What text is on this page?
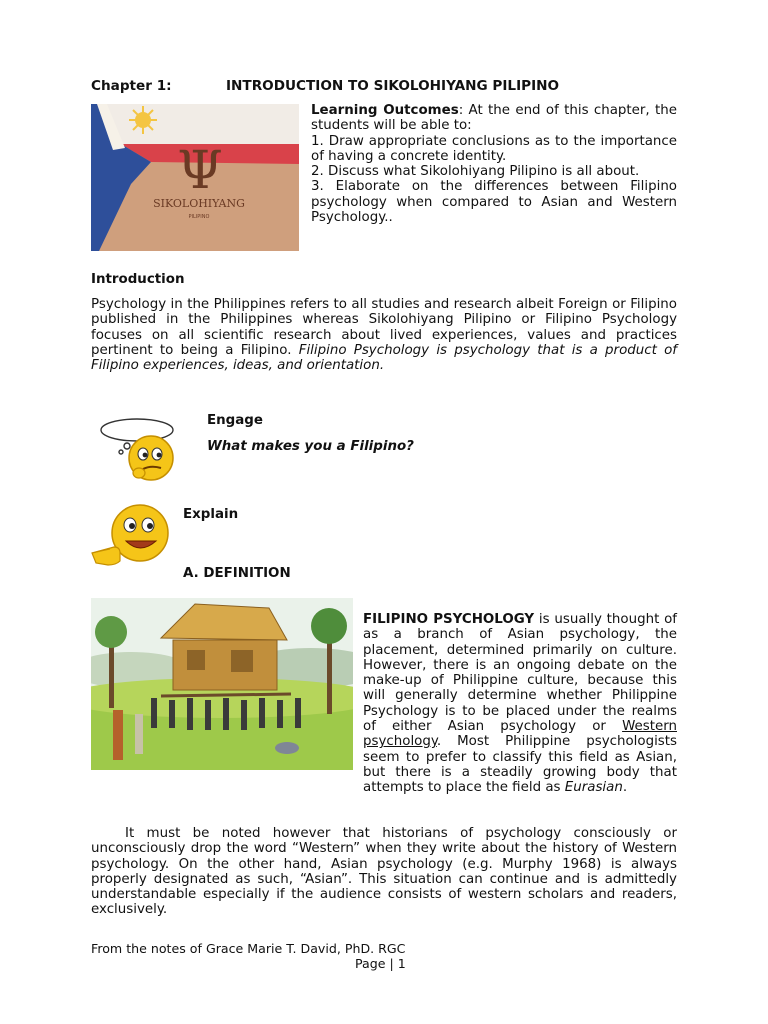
Chapter 1:	INTRODUCTION TO SIKOLOHIYANG PILIPINO
Ψ
SIKOLOHIYANG
PILIPINO

Learning Outcomes: At the end of this chapter, the students will be able to:

1. Draw appropriate conclusions as to the importance of having a concrete identity.

2. Discuss what Sikolohiyang Pilipino is all about.

3. Elaborate on the differences between Filipino psychology when compared to Asian and Western Psychology..

Introduction
Psychology in the Philippines refers to all studies and research albeit Foreign or Filipino published in the Philippines whereas Sikolohiyang Pilipino or Filipino Psychology focuses on all scientific research about lived experiences, values and practices pertinent to being a Filipino. Filipino Psychology is psychology that is a product of Filipino experiences, ideas, and orientation.
Engage
What makes you a Filipino?
Explain
A. DEFINITION
FILIPINO PSYCHOLOGY is usually thought of as a branch of Asian psychology, the placement, determined primarily on culture. However, there is an ongoing debate on the make-up of Philippine culture, because this will generally determine whether Philippine Psychology is to be placed under the realms of either Asian psychology or Western psychology. Most Philippine psychologists seem to prefer to classify this field as Asian, but there is a steadily growing body that attempts to place the field as Eurasian.
It must be noted however that historians of psychology consciously or unconsciously drop the word “Western” when they write about the history of Western psychology. On the other hand, Asian psychology (e.g. Murphy 1968) is always properly designated as such, “Asian”. This situation can continue and is admittedly understandable especially if the audience consists of western scholars and readers, exclusively.
From the notes of Grace Marie T. David, PhD. RGC
Page | 1
